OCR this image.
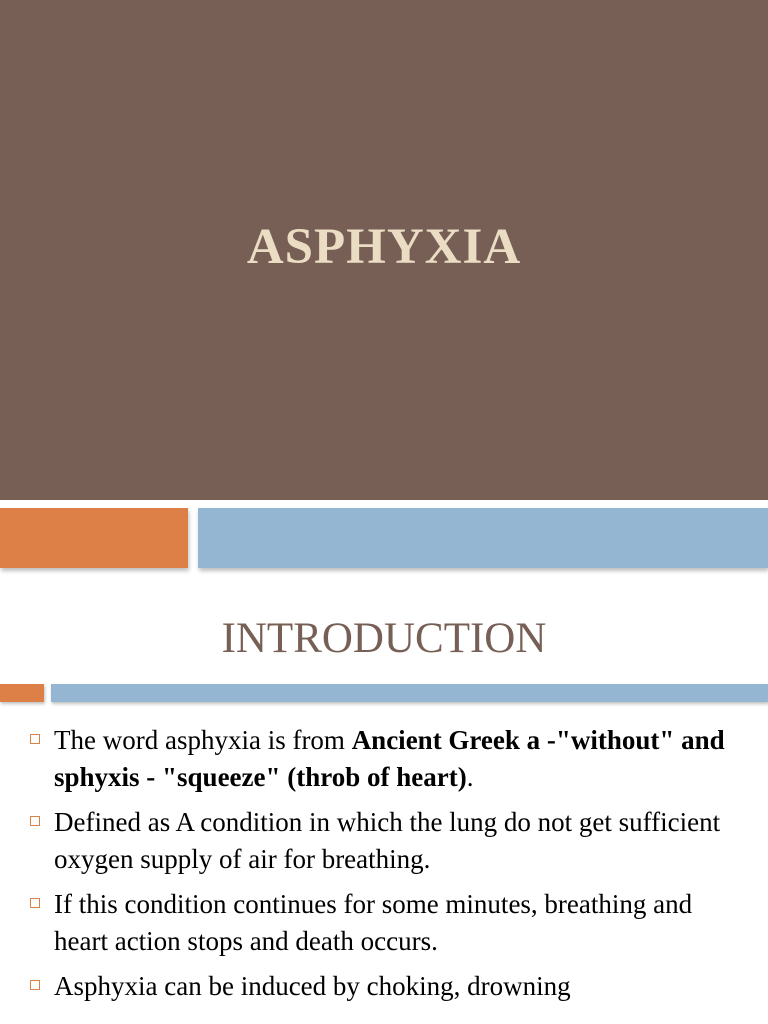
ASPHYXIA
INTRODUCTION
The word asphyxia is from Ancient Greek a -"without" and sphyxis - "squeeze" (throb of heart).
Defined as A condition in which the lung do not get sufficient oxygen supply of air for breathing.
If this condition continues for some minutes, breathing and heart action stops and death occurs.
Asphyxia can be induced by choking, drowning
